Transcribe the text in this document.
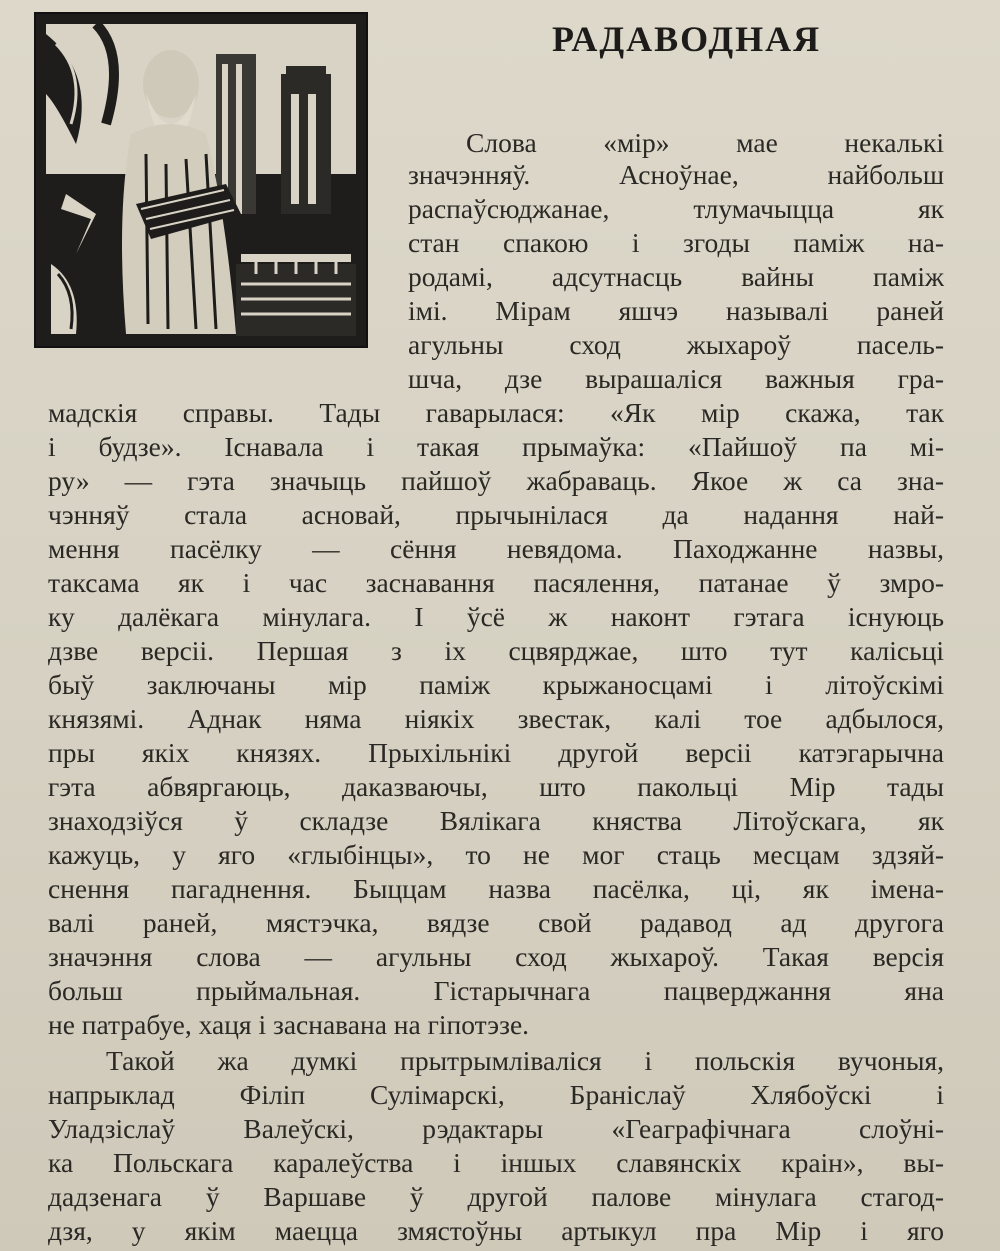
РАДАВОДНАЯ
Слова «мір» мае некалькі
значэнняў. Асноўнае, найбольш
распаўсюджанае, тлумачыцца як
стан спакою і згоды паміж на-
родамі, адсутнасць вайны паміж
імі. Мірам яшчэ называлі раней
агульны сход жыхароў пасель-
шча, дзе вырашаліся важныя гра-
мадскія справы. Тады гаварылася: «Як мір скажа, так
і будзе». Існавала і такая прымаўка: «Пайшоў па мі-
ру» — гэта значыць пайшоў жабраваць. Якое ж са зна-
чэнняў стала асновай, прычынілася да надання най-
мення пасёлку — сёння невядома. Паходжанне назвы,
таксама як і час заснавання пасялення, патанае ў змро-
ку далёкага мінулага. І ўсё ж наконт гэтага існуюць
дзве версіі. Першая з іх сцвярджае, што тут калісьці
быў заключаны мір паміж крыжаносцамі і літоўскімі
князямі. Аднак няма ніякіх звестак, калі тое адбылося,
пры якіх князях. Прыхільнікі другой версіі катэгарычна
гэта абвяргаюць, даказваючы, што пакольці Мір тады
знаходзіўся ў складзе Вялікага княства Літоўскага, як
кажуць, у яго «глыбінцы», то не мог стаць месцам здзяй-
снення пагаднення. Быццам назва пасёлка, ці, як імена-
валі раней, мястэчка, вядзе свой радавод ад другога
значэння слова — агульны сход жыхароў. Такая версія
больш прыймальная. Гістарычнага пацверджання яна
не патрабуе, хаця і заснавана на гіпотэзе.
Такой жа думкі прытрымліваліся і польскія вучоныя,
напрыклад Філіп Сулімарскі, Браніслаў Хлябоўскі і
Уладзіслаў Валеўскі, рэдактары «Геаграфічнага слоўні-
ка Польскага каралеўства і іншых славянскіх краін», вы-
дадзенага ў Варшаве ў другой палове мінулага стагод-
дзя, у якім маецца змястоўны артыкул пра Мір і яго
